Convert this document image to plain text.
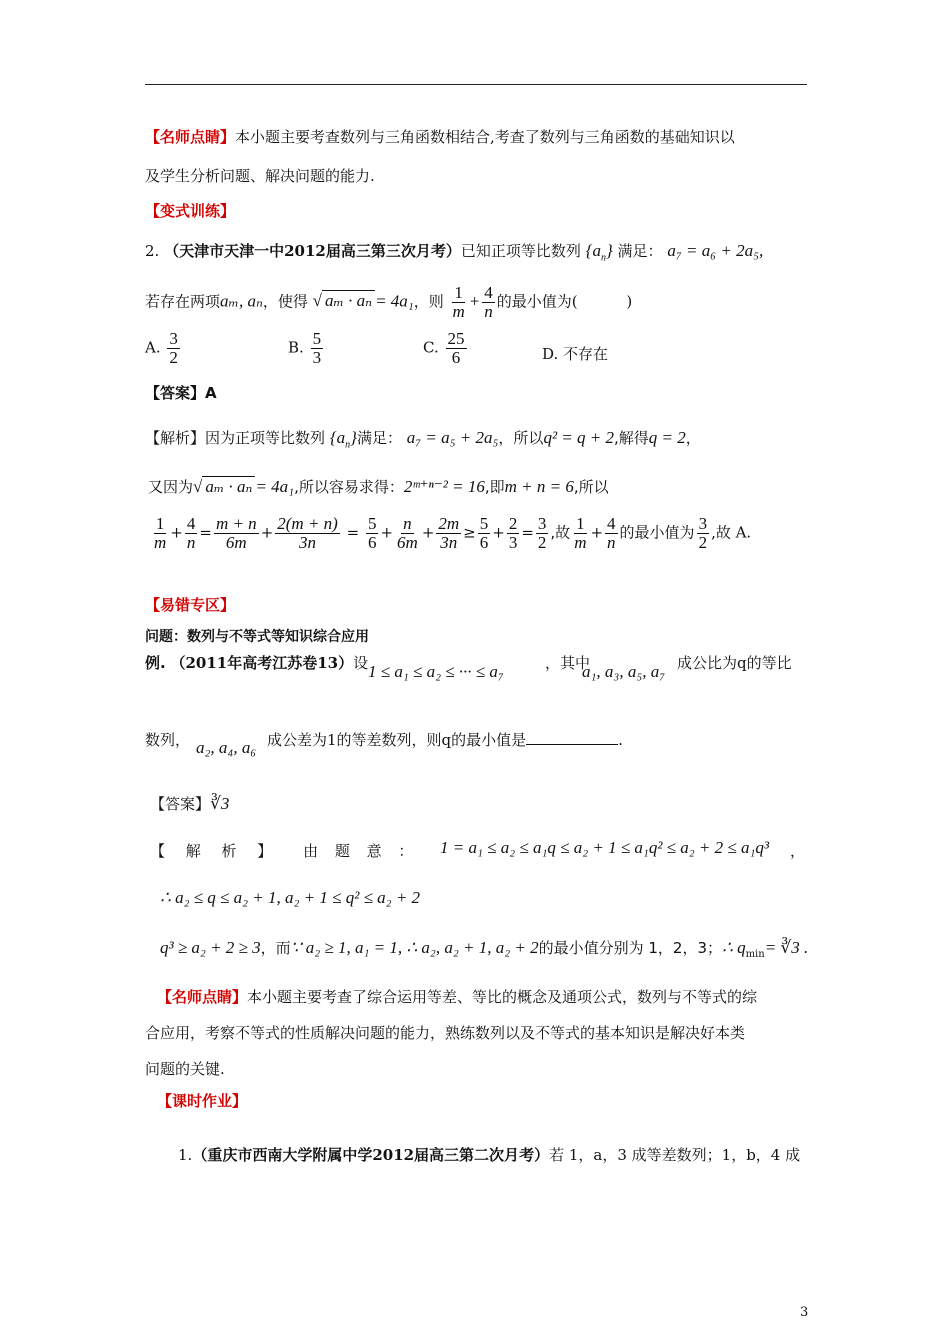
【名师点睛】本小题主要考查数列与三角函数相结合,考查了数列与三角函数的基础知识以
及学生分析问题、解决问题的能力.
【变式训练】
2. （天津市天津一中2012届高三第三次月考）已知正项等比数列 $\{a_n\}$ 满足： a₇ = a₆ + 2a₅,
若存在两项aₘ, aₙ，使得 √ aₘ · aₙ = 4a₁，则 $\frac{1}{m} + \frac{4}{n}$ 的最小值为(	)
A. $\frac{3}{2}$	B. $\frac{5}{3}$	C. $\frac{25}{6}$	D. 不存在
【答案】A
【解析】因为正项等比数列 $\{a_n\}$满足： a₇ = a₅ + 2a₅，所以q² = q + 2,解得q = 2，
又因为√ aₘ · aₙ = 4a₁,所以容易求得：2ᵐ⁺ⁿ⁻² = 16,即m + n = 6,所以
$\frac{1}{m} + \frac{4}{n} = \frac{m + n}{6m} + \frac{2(m + n)}{3n} = \frac{5}{6} + \frac{n}{6m} + \frac{2m}{3n} \ge \frac{5}{6} + \frac{2}{3} = \frac{3}{2}$ ,故 $\frac{1}{m} + \frac{4}{n}$ 的最小值为 $\frac{3}{2}$ ,故 A.
【易错专区】
问题：数列与不等式等知识综合应用
例. （2011年高考江苏卷13）设 1 ≤ a₁ ≤ a₂ ≤ ··· ≤ a₇	，其中
a₁, a₃, a₅, a₇ 成公比为q的等比
数列， a₂, a₄, a₆ 成公差为1的等差数列，则q的最小值是	.
【答案】∛3
【 解 析 】 由 题 意 ： 1 = a₁ ≤ a₂ ≤ a₁q ≤ a₂ + 1 ≤ a₁q² ≤ a₂ + 2 ≤ a₁q³ ，
∴ a₂ ≤ q ≤ a₂ + 1, a₂ + 1 ≤ q² ≤ a₂ + 2
q³ ≥ a₂ + 2 ≥ 3，而∵ a₂ ≥ 1, a₁ = 1, ∴ a₂, a₂ + 1, a₂ + 2的最小值分别为 1，2，3；∴ $q_{min}=$ ∛3 .
【名师点睛】本小题主要考查了综合运用等差、等比的概念及通项公式，数列与不等式的综
合应用，考察不等式的性质解决问题的能力，熟练数列以及不等式的基本知识是解决好本类
问题的关键.
【课时作业】
1.（重庆市西南大学附属中学2012届高三第二次月考）若 1，a，3 成等差数列；1，b，4 成
3
